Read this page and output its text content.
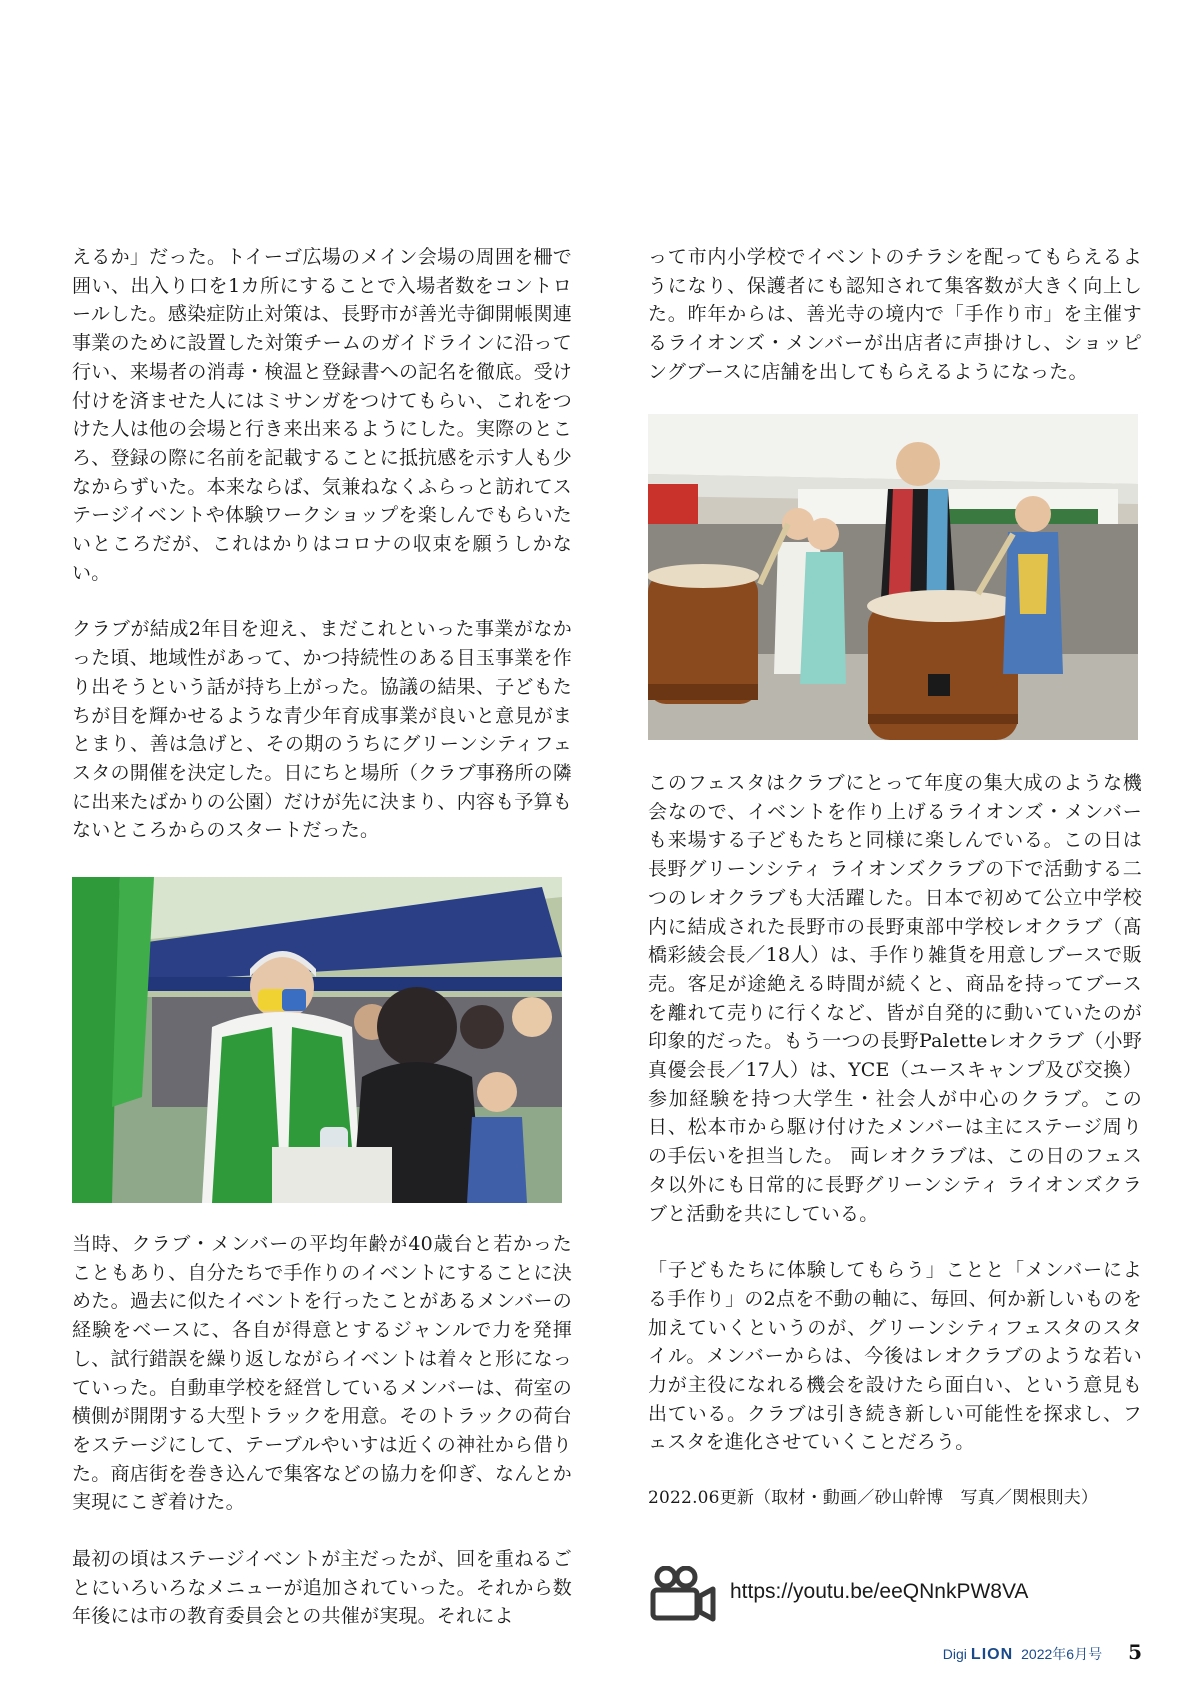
えるか」だった。トイーゴ広場のメイン会場の周囲を柵で囲い、出入り口を1カ所にすることで入場者数をコントロールした。感染症防止対策は、長野市が善光寺御開帳関連事業のために設置した対策チームのガイドラインに沿って行い、来場者の消毒・検温と登録書への記名を徹底。受け付けを済ませた人にはミサンガをつけてもらい、これをつけた人は他の会場と行き来出来るようにした。実際のところ、登録の際に名前を記載することに抵抗感を示す人も少なからずいた。本来ならば、気兼ねなくふらっと訪れてステージイベントや体験ワークショップを楽しんでもらいたいところだが、これはかりはコロナの収束を願うしかない。

クラブが結成2年目を迎え、まだこれといった事業がなかった頃、地域性があって、かつ持続性のある目玉事業を作り出そうという話が持ち上がった。協議の結果、子どもたちが目を輝かせるような青少年育成事業が良いと意見がまとまり、善は急げと、その期のうちにグリーンシティフェスタの開催を決定した。日にちと場所（クラブ事務所の隣に出来たばかりの公園）だけが先に決まり、内容も予算もないところからのスタートだった。

当時、クラブ・メンバーの平均年齢が40歳台と若かったこともあり、自分たちで手作りのイベントにすることに決めた。過去に似たイベントを行ったことがあるメンバーの経験をベースに、各自が得意とするジャンルで力を発揮し、試行錯誤を繰り返しながらイベントは着々と形になっていった。自動車学校を経営しているメンバーは、荷室の横側が開閉する大型トラックを用意。そのトラックの荷台をステージにして、テーブルやいすは近くの神社から借りた。商店街を巻き込んで集客などの協力を仰ぎ、なんとか実現にこぎ着けた。

最初の頃はステージイベントが主だったが、回を重ねるごとにいろいろなメニューが追加されていった。それから数年後には市の教育委員会との共催が実現。それによ

って市内小学校でイベントのチラシを配ってもらえるようになり、保護者にも認知されて集客数が大きく向上した。昨年からは、善光寺の境内で「手作り市」を主催するライオンズ・メンバーが出店者に声掛けし、ショッピングブースに店舗を出してもらえるようになった。

このフェスタはクラブにとって年度の集大成のような機会なので、イベントを作り上げるライオンズ・メンバーも来場する子どもたちと同様に楽しんでいる。この日は長野グリーンシティ ライオンズクラブの下で活動する二つのレオクラブも大活躍した。日本で初めて公立中学校内に結成された長野市の長野東部中学校レオクラブ（髙橋彩綾会長／18人）は、手作り雑貨を用意しブースで販売。客足が途絶える時間が続くと、商品を持ってブースを離れて売りに行くなど、皆が自発的に動いていたのが印象的だった。もう一つの長野Paletteレオクラブ（小野真優会長／17人）は、YCE（ユースキャンプ及び交換）参加経験を持つ大学生・社会人が中心のクラブ。この日、松本市から駆け付けたメンバーは主にステージ周りの手伝いを担当した。 両レオクラブは、この日のフェスタ以外にも日常的に長野グリーンシティ ライオンズクラブと活動を共にしている。

「子どもたちに体験してもらう」ことと「メンバーによる手作り」の2点を不動の軸に、毎回、何か新しいものを加えていくというのが、グリーンシティフェスタのスタイル。メンバーからは、今後はレオクラブのような若い力が主役になれる機会を設けたら面白い、という意見も出ている。クラブは引き続き新しい可能性を探求し、フェスタを進化させていくことだろう。

2022.06更新（取材・動画／砂山幹博　写真／関根則夫）

https://youtu.be/eeQNnkPW8VA
Digi LION 2022年6月号 5
